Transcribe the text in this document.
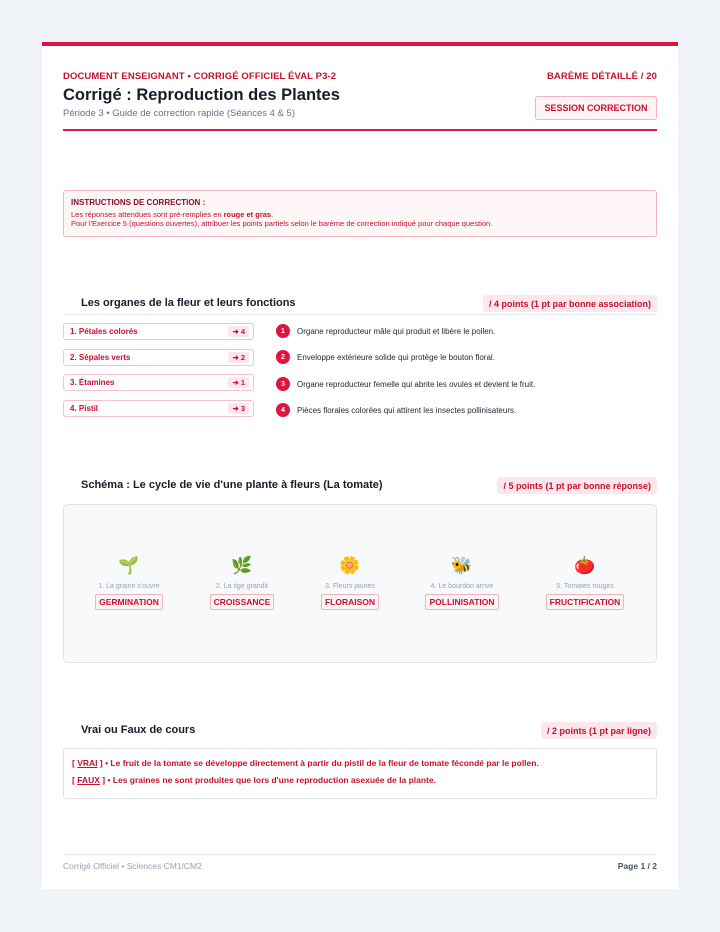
DOCUMENT ENSEIGNANT • CORRIGÉ OFFICIEL ÉVAL P3-2	BARÈME DÉTAILLÉ / 20
Corrigé : Reproduction des Plantes
Période 3 • Guide de correction rapide (Séances 4 & 5)	SESSION CORRECTION
INSTRUCTIONS DE CORRECTION :
Les réponses attendues sont pré-remplies en rouge et gras.
Pour l'Exercice 5 (questions ouvertes), attribuer les points partiels selon le barème de correction indiqué pour chaque question.
Les organes de la fleur et leurs fonctions	/ 4 points (1 pt par bonne association)
1. Pétales colorés	➜ 4
2. Sépales verts	➜ 2
3. Étamines	➜ 1
4. Pistil	➜ 3
1	Organe reproducteur mâle qui produit et libère le pollen.
2	Enveloppe extérieure solide qui protège le bouton floral.
3	Organe reproducteur femelle qui abrite les ovules et devient le fruit.
4	Pièces florales colorées qui attirent les insectes pollinisateurs.
Schéma : Le cycle de vie d'une plante à fleurs (La tomate)	/ 5 points (1 pt par bonne réponse)
🌱
1. La graine s'ouvre
GERMINATION
🌿
2. La tige grandit
CROISSANCE
🌼
3. Fleurs jaunes
FLORAISON
🐝
4. Le bourdon arrive
POLLINISATION
🍅
5. Tomates rouges
FRUCTIFICATION
Vrai ou Faux de cours	/ 2 points (1 pt par ligne)
[ VRAI ] • Le fruit de la tomate se développe directement à partir du pistil de la fleur de tomate fécondé par le pollen.
[ FAUX ] • Les graines ne sont produites que lors d'une reproduction asexuée de la plante.
Corrigé Officiel • Sciences CM1/CM2	Page 1 / 2
